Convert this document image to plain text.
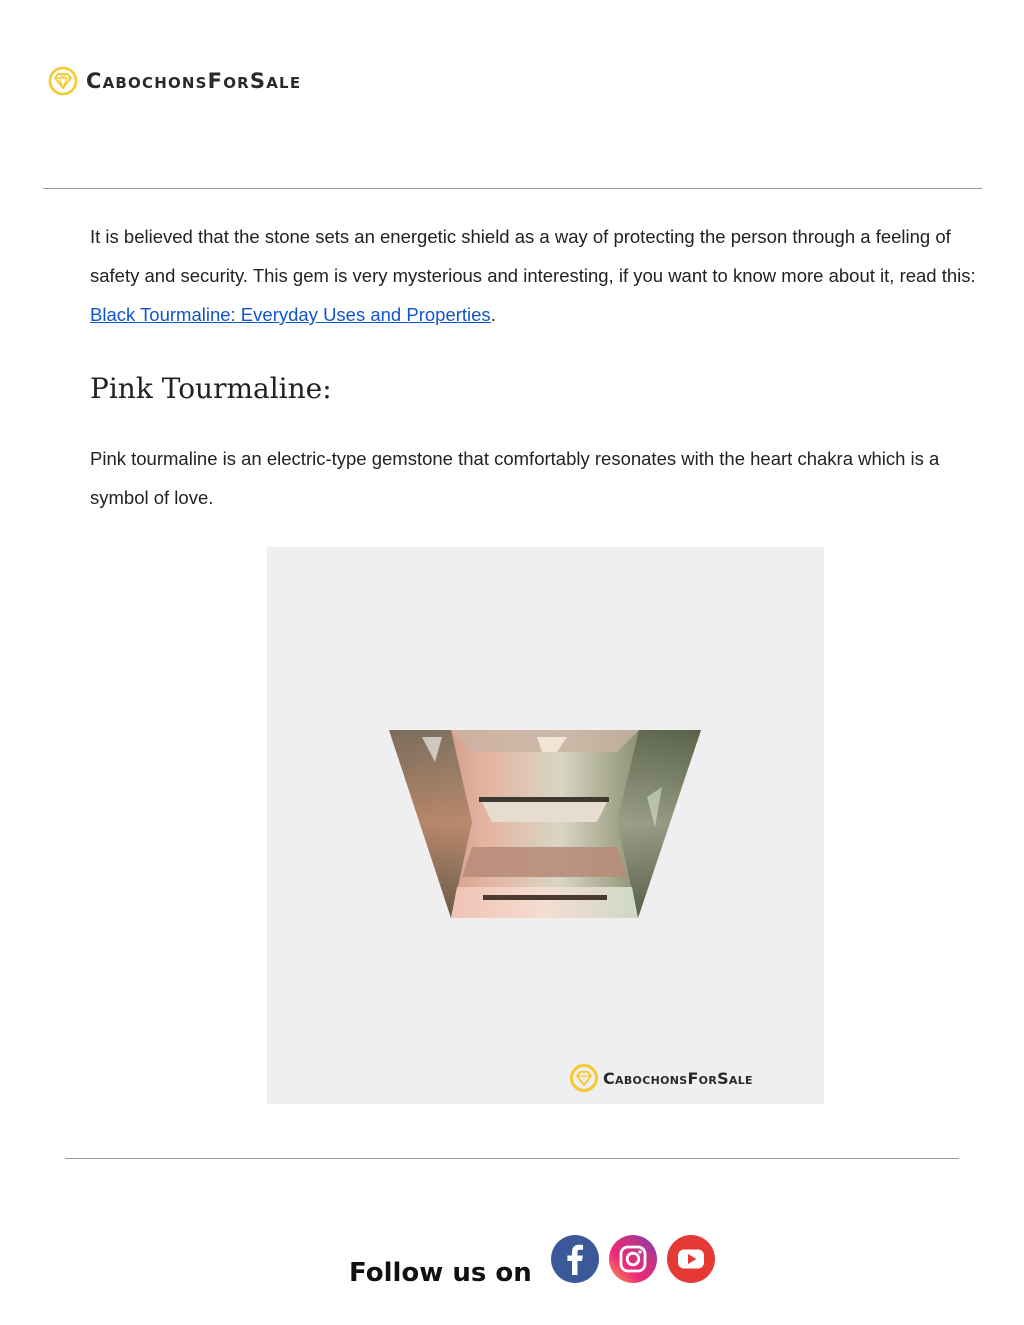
CabochonsForSale

It is believed that the stone sets an energetic shield as a way of protecting the person through a feeling of safety and security. This gem is very mysterious and interesting, if you want to know more about it, read this: Black Tourmaline: Everyday Uses and Properties.

Pink Tourmaline:

Pink tourmaline is an electric-type gemstone that comfortably resonates with the heart chakra which is a symbol of love.

CabochonsForSale
Follow us on
